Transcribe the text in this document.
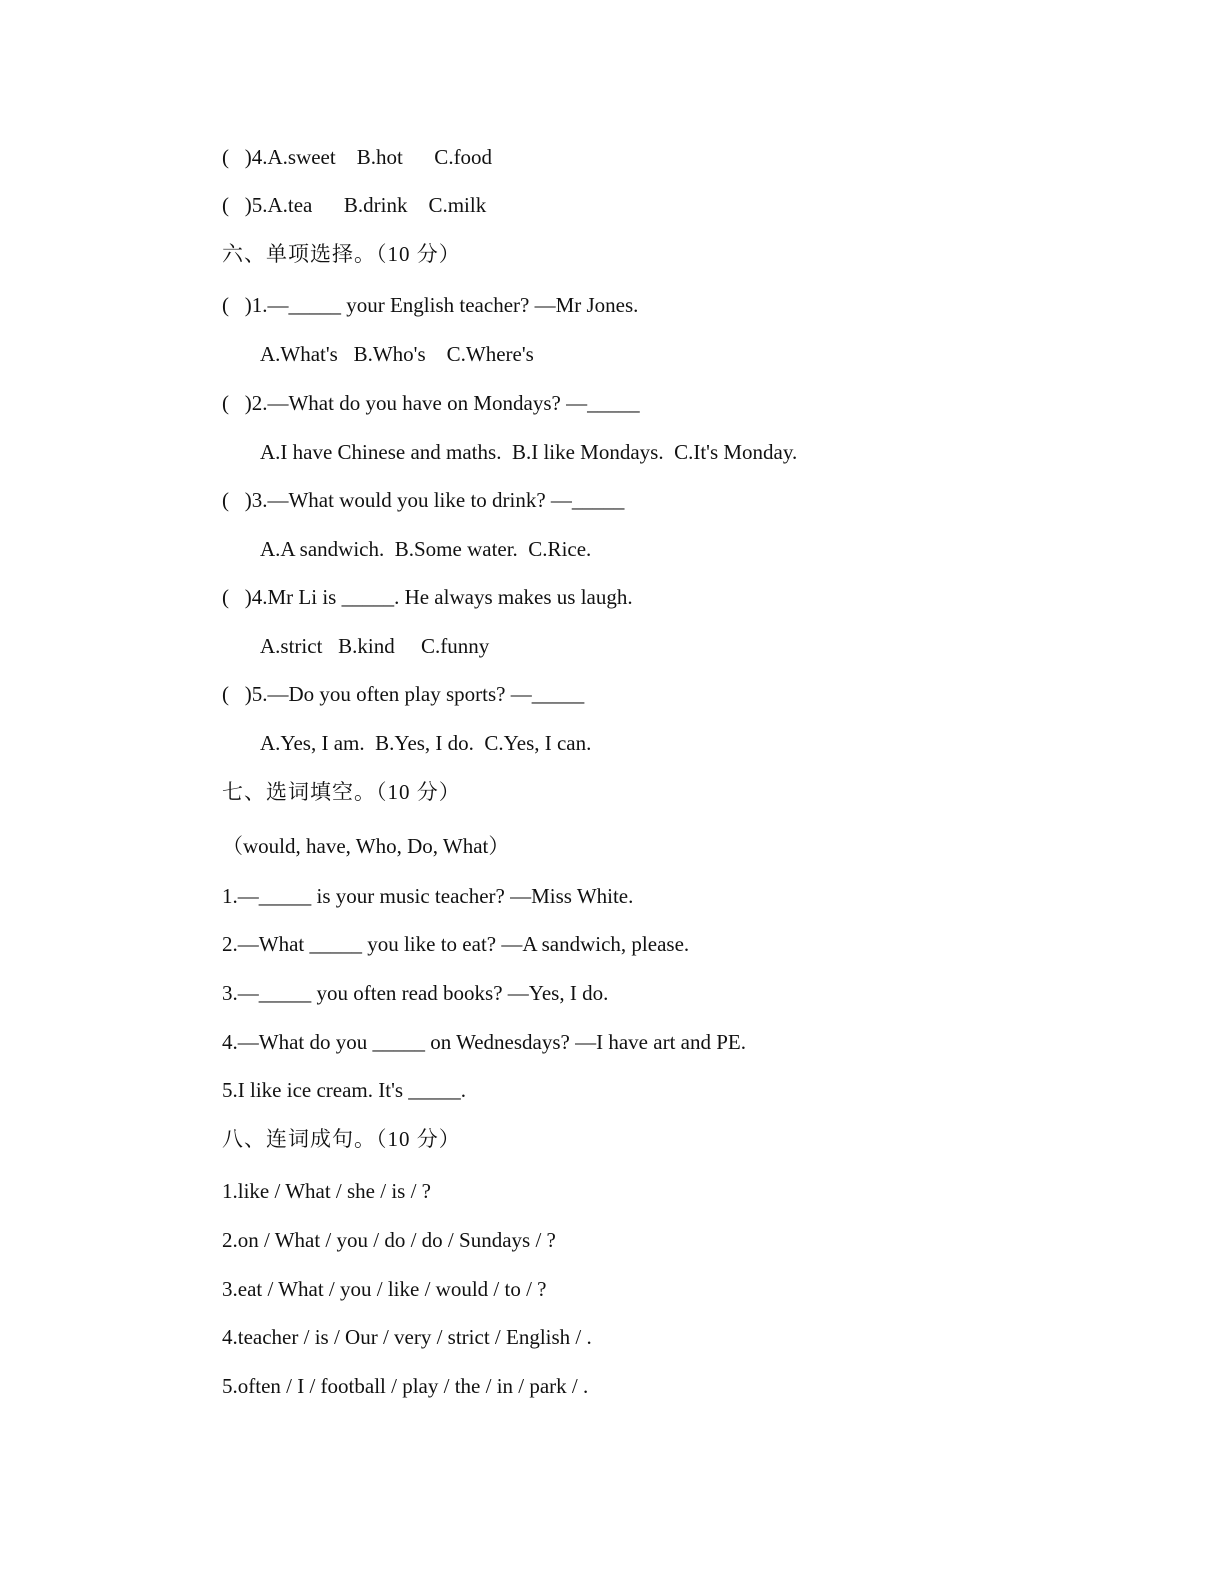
(   )4.A.sweet    B.hot      C.food
(   )5.A.tea      B.drink    C.milk
六、单项选择。（10 分）
(   )1.—_____ your English teacher? —Mr Jones.
A.What's   B.Who's    C.Where's
(   )2.—What do you have on Mondays? —_____
A.I have Chinese and maths.  B.I like Mondays.  C.It's Monday.
(   )3.—What would you like to drink? —_____
A.A sandwich.  B.Some water.  C.Rice.
(   )4.Mr Li is _____. He always makes us laugh.
A.strict   B.kind     C.funny
(   )5.—Do you often play sports? —_____
A.Yes, I am.  B.Yes, I do.  C.Yes, I can.
七、选词填空。（10 分）
（would, have, Who, Do, What）
1.—_____ is your music teacher? —Miss White.
2.—What _____ you like to eat? —A sandwich, please.
3.—_____ you often read books? —Yes, I do.
4.—What do you _____ on Wednesdays? —I have art and PE.
5.I like ice cream. It's _____.
八、连词成句。（10 分）
1.like / What / she / is / ?
2.on / What / you / do / do / Sundays / ?
3.eat / What / you / like / would / to / ?
4.teacher / is / Our / very / strict / English / .
5.often / I / football / play / the / in / park / .
